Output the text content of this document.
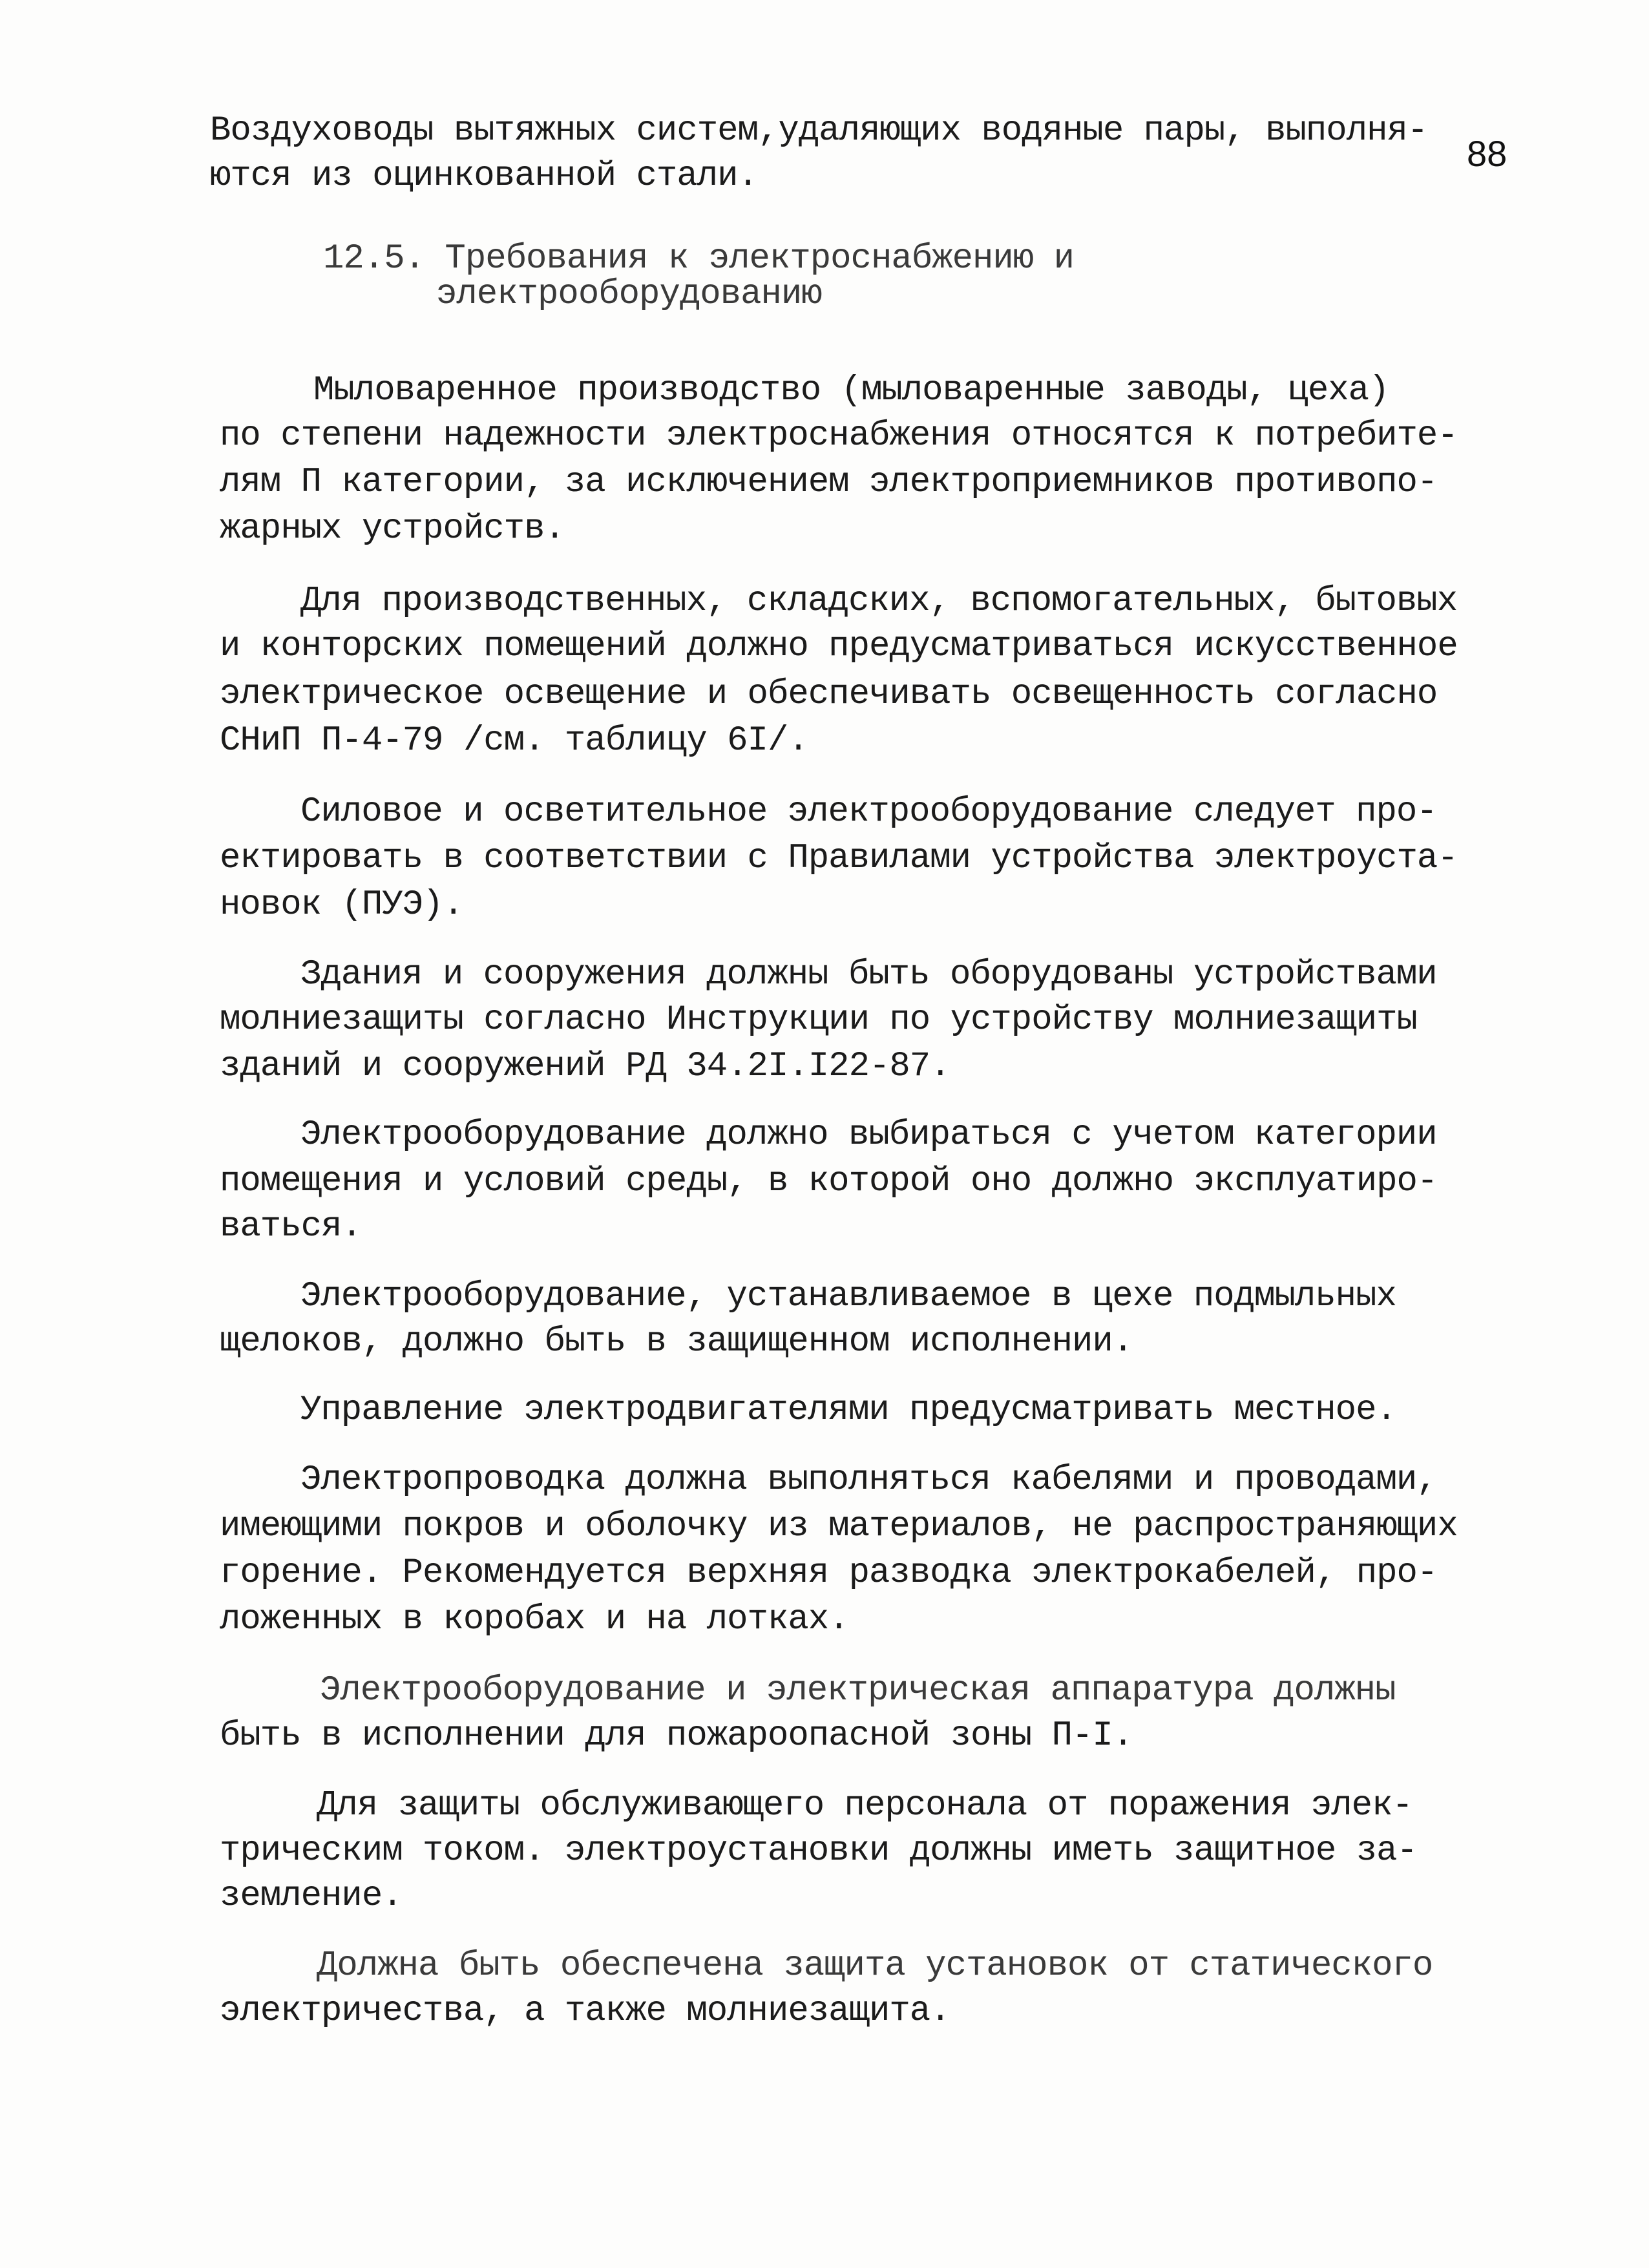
88
Воздуховоды вытяжных систем,удаляющих водяные пары, выполня-
ются из оцинкованной стали.
12.5. Требования к электроснабжению и
электрооборудованию
Мыловаренное производство (мыловаренные заводы, цеха)
по степени надежности электроснабжения относятся к потребите-
лям П категории, за исключением электроприемников противопо-
жарных устройств.
Для производственных, складских, вспомогательных, бытовых
и конторских помещений должно предусматриваться искусственное
электрическое освещение и обеспечивать освещенность согласно
СНиП П-4-79 /см. таблицу 6I/.
Силовое и осветительное электрооборудование следует про-
ектировать в соответствии с Правилами устройства электроуста-
новок (ПУЭ).
Здания и сооружения должны быть оборудованы устройствами
молниезащиты согласно Инструкции по устройству молниезащиты
зданий и сооружений РД 34.2I.I22-87.
Электрооборудование должно выбираться с учетом категории
помещения и условий среды, в которой оно должно эксплуатиро-
ваться.
Электрооборудование, устанавливаемое в цехе подмыльных
щелоков, должно быть в защищенном исполнении.
Управление электродвигателями предусматривать местное.
Электропроводка должна выполняться кабелями и проводами,
имеющими покров и оболочку из материалов, не распространяющих
горение. Рекомендуется верхняя разводка электрокабелей, про-
ложенных в коробах и на лотках.
Электрооборудование и электрическая аппаратура должны
быть в исполнении для пожароопасной зоны П-I.
Для защиты обслуживающего персонала от поражения элек-
трическим током. электроустановки должны иметь защитное за-
земление.
Должна быть обеспечена защита установок от статического
электричества, а также молниезащита.
